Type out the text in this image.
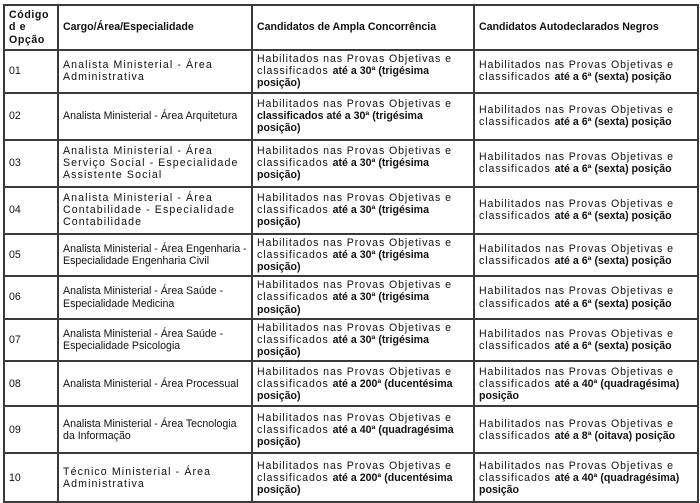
Código d e Opção	Cargo/Área/Especialidade	Candidatos de Ampla Concorrência	Candidatos Autodeclarados Negros
01	Analista Ministerial - Área Administrativa	Habilitados nas Provas Objetivas e classificados até a 30ª (trigésima posição)	Habilitados nas Provas Objetivas e classificados até a 6ª (sexta) posição
02	Analista Ministerial - Área Arquitetura	Habilitados nas Provas Objetivas e classificados até a 30ª (trigésima posição)	Habilitados nas Provas Objetivas e classificados até a 6ª (sexta) posição
03	Analista Ministerial - Área Serviço Social - Especialidade Assistente Social	Habilitados nas Provas Objetivas e classificados até a 30ª (trigésima posição)	Habilitados nas Provas Objetivas e classificados até a 6ª (sexta) posição
04	Analista Ministerial - Área Contabilidade - Especialidade Contabilidade	Habilitados nas Provas Objetivas e classificados até a 30ª (trigésima posição)	Habilitados nas Provas Objetivas e classificados até a 6ª (sexta) posição
05	Analista Ministerial - Área Engenharia - Especialidade Engenharia Civil	Habilitados nas Provas Objetivas e classificados até a 30ª (trigésima posição)	Habilitados nas Provas Objetivas e classificados até a 6ª (sexta) posição
06	Analista Ministerial - Área Saúde - Especialidade Medicina	Habilitados nas Provas Objetivas e classificados até a 30ª (trigésima posição)	Habilitados nas Provas Objetivas e classificados até a 6ª (sexta) posição
07	Analista Ministerial - Área Saúde - Especialidade Psicologia	Habilitados nas Provas Objetivas e classificados até a 30ª (trigésima posição)	Habilitados nas Provas Objetivas e classificados até a 6ª (sexta) posição
08	Analista Ministerial - Área Processual	Habilitados nas Provas Objetivas e classificados até a 200ª (ducentésima posição)	Habilitados nas Provas Objetivas e classificados até a 40ª (quadragésima) posição
09	Analista Ministerial - Área Tecnologia da Informação	Habilitados nas Provas Objetivas e classificados até a 40ª (quadragésima posição)	Habilitados nas Provas Objetivas e classificados até a 8ª (oitava) posição
10	Técnico Ministerial - Área Administrativa	Habilitados nas Provas Objetivas e classificados até a 200ª (ducentésima posição)	Habilitados nas Provas Objetivas e classificados até a 40ª (quadragésima) posição
